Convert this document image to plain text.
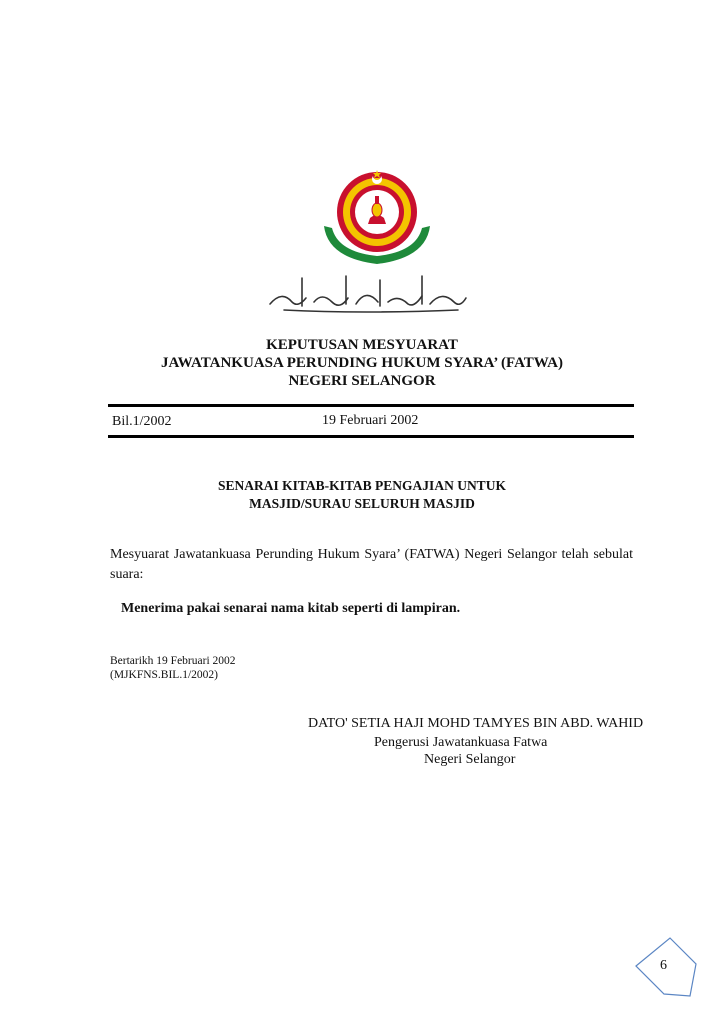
KEPUTUSAN MESYUARAT
JAWATANKUASA PERUNDING HUKUM SYARA’ (FATWA)
NEGERI SELANGOR
Bil.1/2002	19 Februari 2002
SENARAI KITAB-KITAB PENGAJIAN UNTUK
MASJID/SURAU SELURUH MASJID
Mesyuarat Jawatankuasa Perunding Hukum Syara’ (FATWA) Negeri Selangor telah sebulat suara:
Menerima pakai senarai nama kitab seperti di lampiran.
Bertarikh 19 Februari 2002
(MJKFNS.BIL.1/2002)
DATO' SETIA HAJI MOHD TAMYES BIN ABD. WAHID
Pengerusi Jawatankuasa Fatwa
Negeri Selangor
6
